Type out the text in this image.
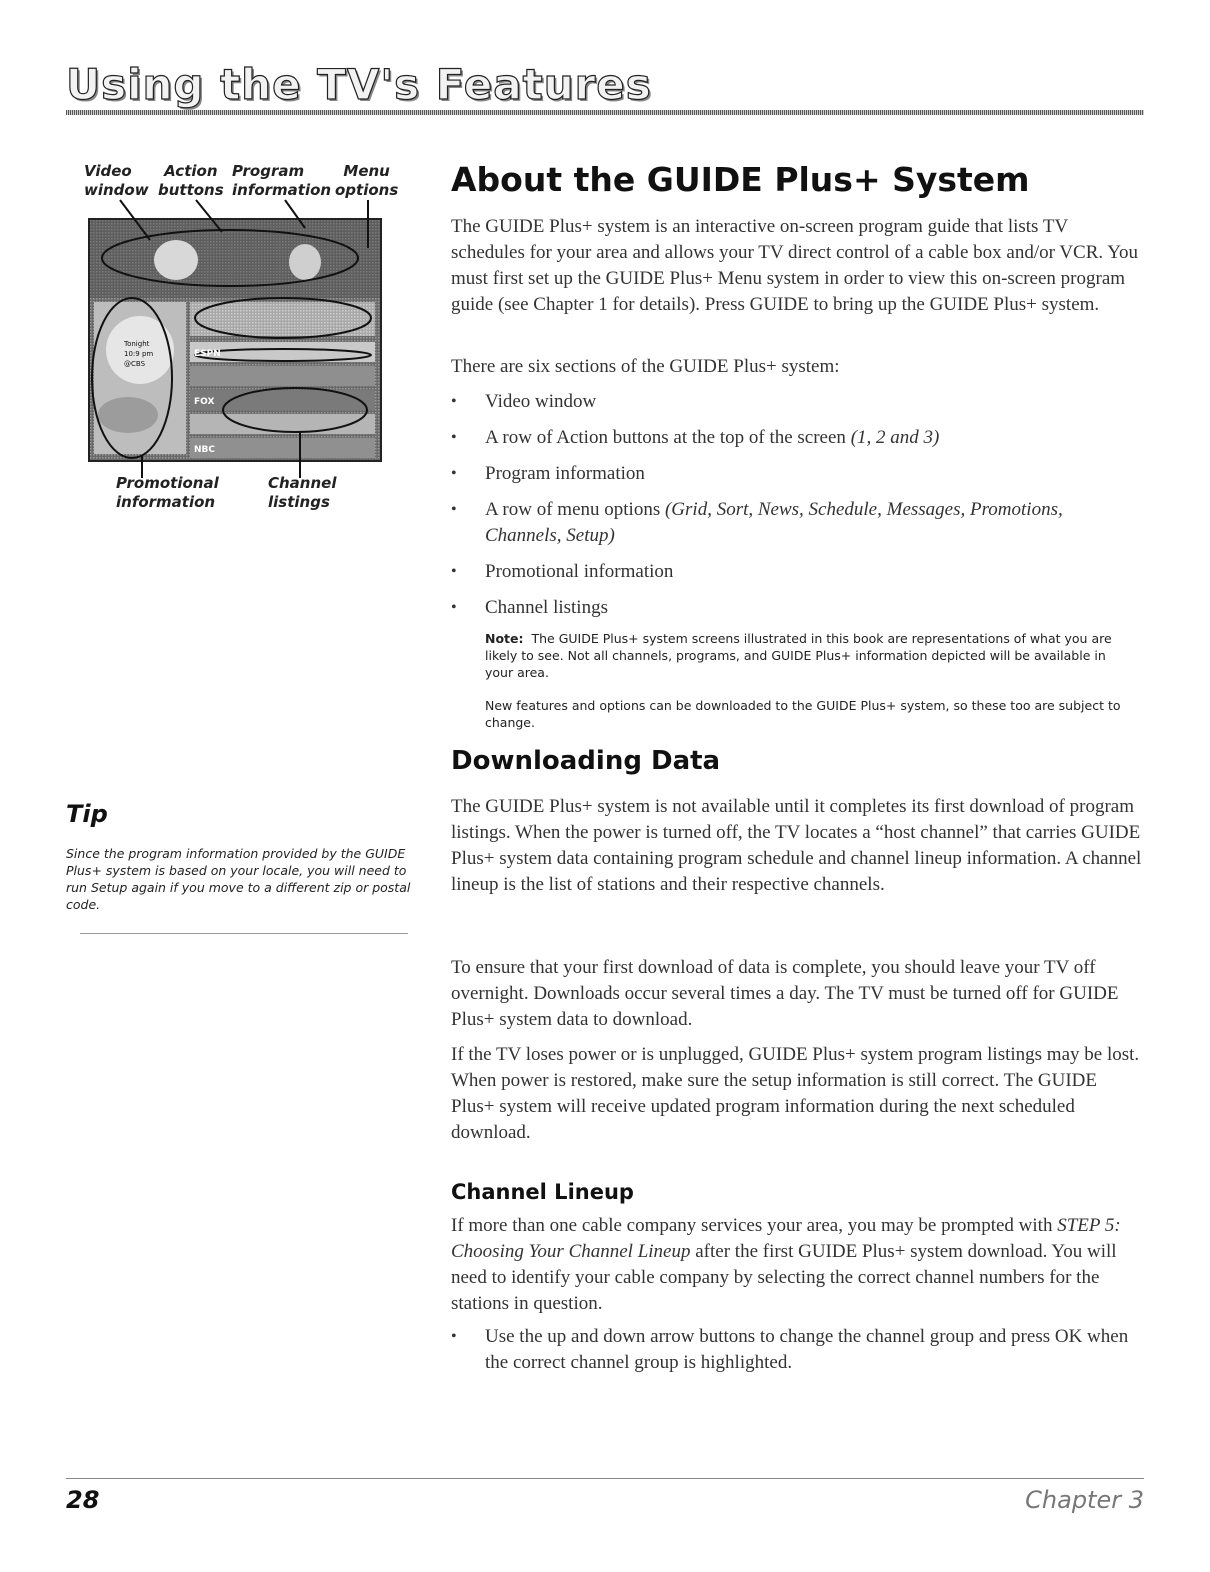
Using the TV's Features
Video
window
Action
buttons
Program
information
Menu
options
Tonight
10:9 pm
@CBS
ESPN
FOX
NBC
Promotional
information
Channel
listings
About the GUIDE Plus+ System

The GUIDE Plus+ system is an interactive on-screen program guide that lists TV schedules for your area and allows your TV direct control of a cable box and/or VCR. You must first set up the GUIDE Plus+ Menu system in order to view this on-screen program guide (see Chapter 1 for details). Press GUIDE to bring up the GUIDE Plus+ system.

There are six sections of the GUIDE Plus+ system:

• Video window
• A row of Action buttons at the top of the screen (1, 2 and 3)
• Program information
• A row of menu options (Grid, Sort, News, Schedule, Messages, Promotions, Channels, Setup)
• Promotional information
• Channel listings

Note: The GUIDE Plus+ system screens illustrated in this book are representations of what you are likely to see. Not all channels, programs, and GUIDE Plus+ information depicted will be available in your area.

New features and options can be downloaded to the GUIDE Plus+ system, so these too are subject to change.

Downloading Data

The GUIDE Plus+ system is not available until it completes its first download of program listings. When the power is turned off, the TV locates a “host channel” that carries GUIDE Plus+ system data containing program schedule and channel lineup information. A channel lineup is the list of stations and their respective channels.

To ensure that your first download of data is complete, you should leave your TV off overnight. Downloads occur several times a day. The TV must be turned off for GUIDE Plus+ system data to download.

If the TV loses power or is unplugged, GUIDE Plus+ system program listings may be lost. When power is restored, make sure the setup information is still correct. The GUIDE Plus+ system will receive updated program information during the next scheduled download.

Channel Lineup

If more than one cable company services your area, you may be prompted with STEP 5: Choosing Your Channel Lineup after the first GUIDE Plus+ system download. You will need to identify your cable company by selecting the correct channel numbers for the stations in question.

• Use the up and down arrow buttons to change the channel group and press OK when the correct channel group is highlighted.
Tip

Since the program information provided by the GUIDE Plus+ system is based on your locale, you will need to run Setup again if you move to a different zip or postal code.

28	Chapter 3
